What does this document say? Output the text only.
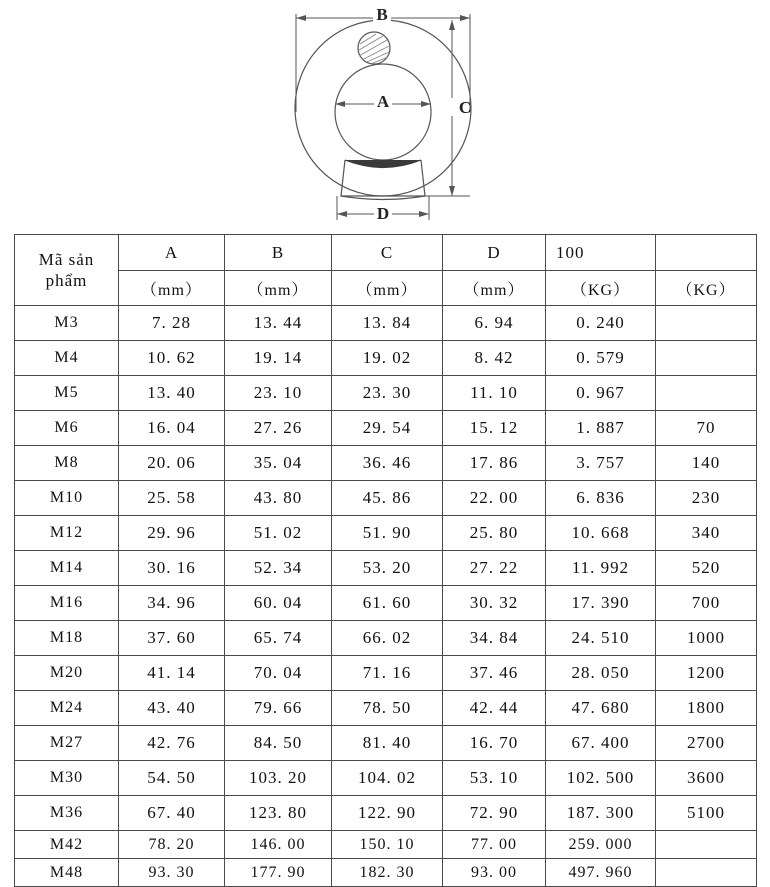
B
A	C
D
Mã sản phẩm	A	B	C	D	100	
	（mm）	（mm）	（mm）	（mm）	（KG）	（KG）
M3	7. 28	13. 44	13. 84	6. 94	0. 240	
M4	10. 62	19. 14	19. 02	8. 42	0. 579	
M5	13. 40	23. 10	23. 30	11. 10	0. 967	
M6	16. 04	27. 26	29. 54	15. 12	1. 887	70
M8	20. 06	35. 04	36. 46	17. 86	3. 757	140
M10	25. 58	43. 80	45. 86	22. 00	6. 836	230
M12	29. 96	51. 02	51. 90	25. 80	10. 668	340
M14	30. 16	52. 34	53. 20	27. 22	11. 992	520
M16	34. 96	60. 04	61. 60	30. 32	17. 390	700
M18	37. 60	65. 74	66. 02	34. 84	24. 510	1000
M20	41. 14	70. 04	71. 16	37. 46	28. 050	1200
M24	43. 40	79. 66	78. 50	42. 44	47. 680	1800
M27	42. 76	84. 50	81. 40	16. 70	67. 400	2700
M30	54. 50	103. 20	104. 02	53. 10	102. 500	3600
M36	67. 40	123. 80	122. 90	72. 90	187. 300	5100
M42	78. 20	146. 00	150. 10	77. 00	259. 000	
M48	93. 30	177. 90	182. 30	93. 00	497. 960	
